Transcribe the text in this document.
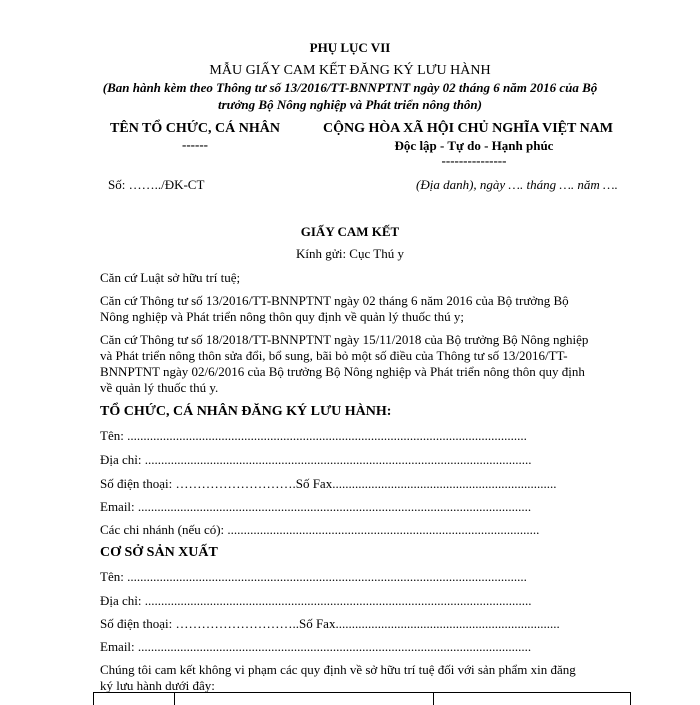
PHỤ LỤC VII
MẪU GIẤY CAM KẾT ĐĂNG KÝ LƯU HÀNH
(Ban hành kèm theo Thông tư số 13/2016/TT-BNNPTNT ngày 02 tháng 6 năm 2016 của Bộ
trưởng Bộ Nông nghiệp và Phát triển nông thôn)
TÊN TỔ CHỨC, CÁ NHÂN
------
Số: ……../ĐK-CT
CỘNG HÒA XÃ HỘI CHỦ NGHĨA VIỆT NAM
Độc lập - Tự do - Hạnh phúc
---------------
(Địa danh), ngày …. tháng …. năm ….
GIẤY CAM KẾT
Kính gửi: Cục Thú y
Căn cứ Luật sở hữu trí tuệ;
Căn cứ Thông tư số 13/2016/TT-BNNPTNT ngày 02 tháng 6 năm 2016 của Bộ trưởng Bộ
Nông nghiệp và Phát triển nông thôn quy định về quản lý thuốc thú y;
Căn cứ Thông tư số 18/2018/TT-BNNPTNT ngày 15/11/2018 của Bộ trưởng Bộ Nông nghiệp
và Phát triển nông thôn sửa đổi, bổ sung, bãi bỏ một số điều của Thông tư số 13/2016/TT-
BNNPTNT ngày 02/6/2016 của Bộ trưởng Bộ Nông nghiệp và Phát triển nông thôn quy định
về quản lý thuốc thú y.
TỔ CHỨC, CÁ NHÂN ĐĂNG KÝ LƯU HÀNH:
Tên: ...........................................................................................................................
Địa chỉ: .......................................................................................................................
Số điện thoại: ……………………….Số Fax.....................................................................
Email: .........................................................................................................................
Các chi nhánh (nếu có): ................................................................................................
CƠ SỞ SẢN XUẤT
Tên: ...........................................................................................................................
Địa chỉ: .......................................................................................................................
Số điện thoại: ………………………..Số Fax.....................................................................
Email: .........................................................................................................................
Chúng tôi cam kết không vi phạm các quy định về sở hữu trí tuệ đối với sản phẩm xin đăng
ký lưu hành dưới đây:
